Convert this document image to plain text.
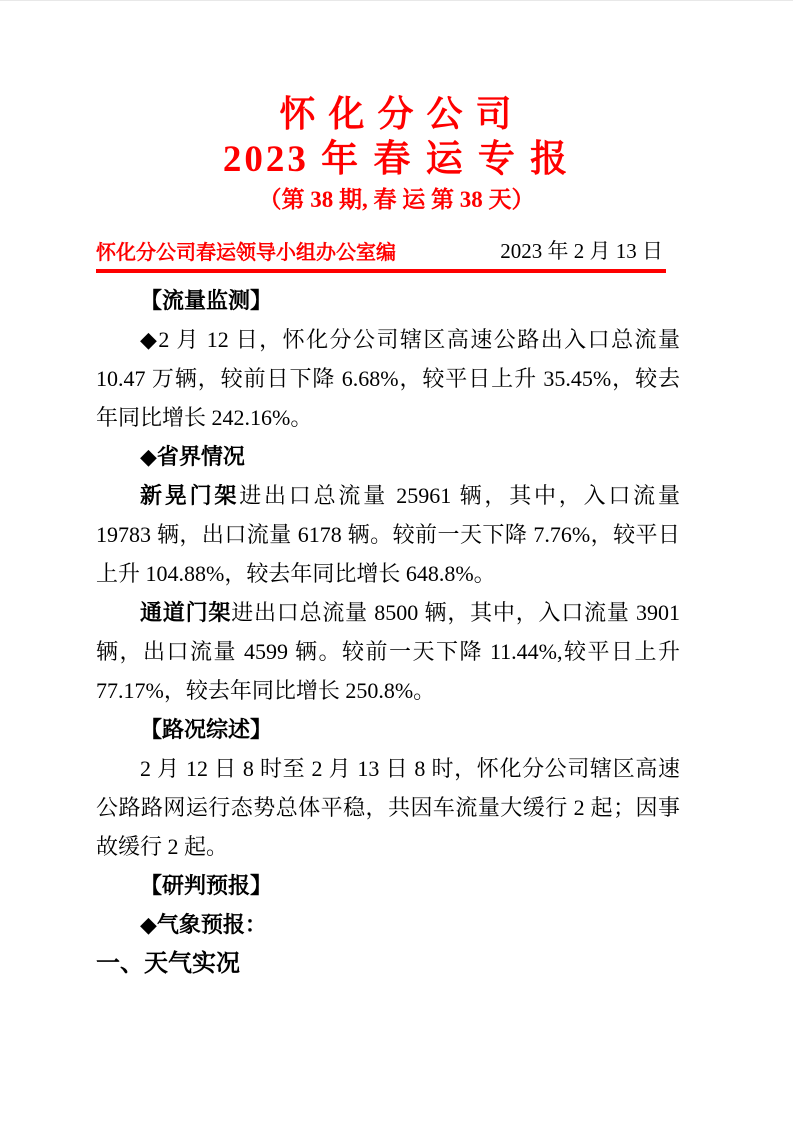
怀 化 分 公 司
2023 年 春 运 专 报
（第 38 期, 春 运 第 38 天）
怀化分公司春运领导小组办公室编	2023 年 2 月 13 日

【流量监测】

◆2 月 12 日，怀化分公司辖区高速公路出入口总流量 10.47 万辆，较前日下降 6.68%，较平日上升 35.45%，较去年同比增长 242.16%。

◆省界情况

新晃门架进出口总流量 25961 辆，其中，入口流量 19783 辆，出口流量 6178 辆。较前一天下降 7.76%，较平日上升 104.88%，较去年同比增长 648.8%。

通道门架进出口总流量 8500 辆，其中，入口流量 3901 辆，出口流量 4599 辆。较前一天下降 11.44%,较平日上升 77.17%，较去年同比增长 250.8%。

【路况综述】

2 月 12 日 8 时至 2 月 13 日 8 时，怀化分公司辖区高速公路路网运行态势总体平稳，共因车流量大缓行 2 起；因事故缓行 2 起。

【研判预报】

◆气象预报：

一、天气实况
